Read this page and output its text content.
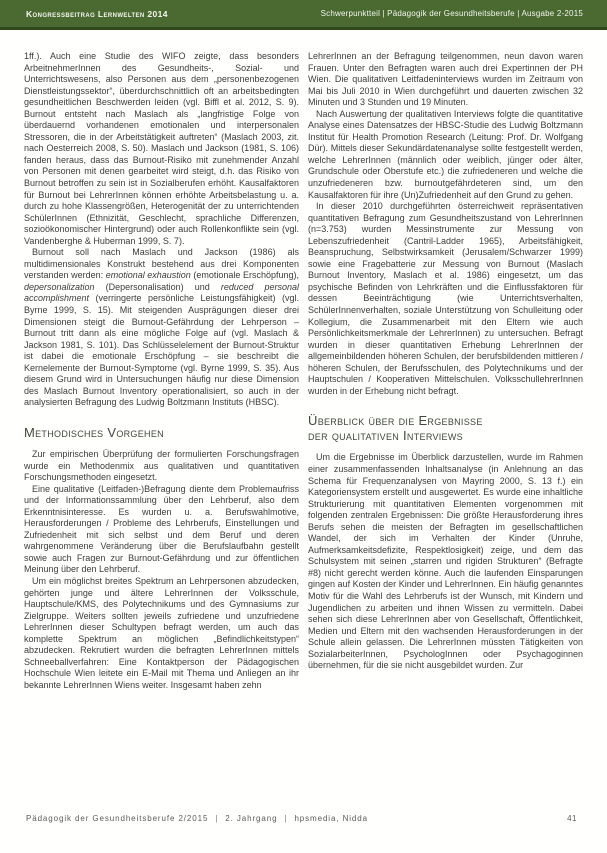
Kongressbeitrag Lernwelten 2014	Schwerpunktteil | Pädagogik der Gesundheitsberufe | Ausgabe 2-2015

1ff.). Auch eine Studie des WIFO zeigte, dass besonders ArbeitnehmerInnen des Gesundheits-, Sozial- und Unterrichtswesens, also Personen aus dem „personenbezogenen Dienstleistungssektor“, überdurchschnittlich oft an arbeitsbedingten gesundheitlichen Beschwerden leiden (vgl. Biffl et al. 2012, S. 9). Burnout entsteht nach Maslach als „langfristige Folge von überdauernd vorhandenen emotionalen und interpersonalen Stressoren, die in der Arbeitstätigkeit auftreten“ (Maslach 2003, zit. nach Oesterreich 2008, S. 50). Maslach und Jackson (1981, S. 106) fanden heraus, dass das Burnout-Risiko mit zunehmender Anzahl von Personen mit denen gearbeitet wird steigt, d.h. das Risiko von Burnout betroffen zu sein ist in Sozialberufen erhöht. Kausalfaktoren für Burnout bei LehrerInnen können erhöhte Arbeitsbelastung u. a. durch zu hohe Klassengrößen, Heterogenität der zu unterrichtenden SchülerInnen (Ethnizität, Geschlecht, sprachliche Differenzen, sozioökonomischer Hintergrund) oder auch Rollenkonflikte sein (vgl. Vandenberghe & Huberman 1999, S. 7).

Burnout soll nach Maslach und Jackson (1986) als multidimensionales Konstrukt bestehend aus drei Komponenten verstanden werden: emotional exhaustion (emotionale Erschöpfung), depersonalization (Depersonalisation) und reduced personal accomplishment (verringerte persönliche Leistungsfähigkeit) (vgl. Byrne 1999, S. 15). Mit steigenden Ausprägungen dieser drei Dimensionen steigt die Burnout-Gefährdung der Lehrperson – Burnout tritt dann als eine mögliche Folge auf (vgl. Maslach & Jackson 1981, S. 101). Das Schlüsselelement der Burnout-Struktur ist dabei die emotionale Erschöpfung – sie beschreibt die Kernelemente der Burnout-Symptome (vgl. Byrne 1999, S. 35). Aus diesem Grund wird in Untersuchungen häufig nur diese Dimension des Maslach Burnout Inventory operationalisiert, so auch in der analysierten Befragung des Ludwig Boltzmann Instituts (HBSC).

Methodisches Vorgehen

Zur empirischen Überprüfung der formulierten Forschungsfragen wurde ein Methodenmix aus qualitativen und quantitativen Forschungsmethoden eingesetzt.

Eine qualitative (Leitfaden-)Befragung diente dem Problemaufriss und der Informationssammlung über den Lehrberuf, also dem Erkenntnisinteresse. Es wurden u. a. Berufswahlmotive, Herausforderungen / Probleme des Lehrberufs, Einstellungen und Zufriedenheit mit sich selbst und dem Beruf und deren wahrgenommene Veränderung über die Berufslaufbahn gestellt sowie auch Fragen zur Burnout-Gefährdung und zur öffentlichen Meinung über den Lehrberuf.

Um ein möglichst breites Spektrum an Lehrpersonen abzudecken, gehörten junge und ältere LehrerInnen der Volksschule, Hauptschule/KMS, des Polytechnikums und des Gymnasiums zur Zielgruppe. Weiters sollten jeweils zufriedene und unzufriedene LehrerInnen dieser Schultypen befragt werden, um auch das komplette Spektrum an möglichen „Befindlichkeitstypen“ abzudecken. Rekrutiert wurden die befragten LehrerInnen mittels Schneeballverfahren: Eine Kontaktperson der Pädagogischen Hochschule Wien leitete ein E-Mail mit Thema und Anliegen an ihr bekannte LehrerInnen Wiens weiter. Insgesamt haben zehn

LehrerInnen an der Befragung teilgenommen, neun davon waren Frauen. Unter den Befragten waren auch drei Expertinnen der PH Wien. Die qualitativen Leitfadeninterviews wurden im Zeitraum von Mai bis Juli 2010 in Wien durchgeführt und dauerten zwischen 32 Minuten und 3 Stunden und 19 Minuten.

Nach Auswertung der qualitativen Interviews folgte die quantitative Analyse eines Datensatzes der HBSC-Studie des Ludwig Boltzmann Institut für Health Promotion Research (Leitung: Prof. Dr. Wolfgang Dür). Mittels dieser Sekundärdatenanalyse sollte festgestellt werden, welche LehrerInnen (männlich oder weiblich, jünger oder älter, Grundschule oder Oberstufe etc.) die zufriedeneren und welche die unzufriedeneren bzw. burnoutgefährdeteren sind, um den Kausalfaktoren für ihre (Un)Zufriedenheit auf den Grund zu gehen.

In dieser 2010 durchgeführten österreichweit repräsentativen quantitativen Befragung zum Gesundheitszustand von LehrerInnen (n=3.753) wurden Messinstrumente zur Messung von Lebenszufriedenheit (Cantril-Ladder 1965), Arbeitsfähigkeit, Beanspruchung, Selbstwirksamkeit (Jerusalem/Schwarzer 1999) sowie eine Fragebatterie zur Messung von Burnout (Maslach Burnout Inventory, Maslach et al. 1986) eingesetzt, um das psychische Befinden von Lehrkräften und die Einflussfaktoren für dessen Beeinträchtigung (wie Unterrichtsverhalten, SchülerInnenverhalten, soziale Unterstützung von Schulleitung oder Kollegium, die Zusammenarbeit mit den Eltern wie auch Persönlichkeitsmerkmale der LehrerInnen) zu untersuchen. Befragt wurden in dieser quantitativen Erhebung LehrerInnen der allgemeinbildenden höheren Schulen, der berufsbildenden mittleren / höheren Schulen, der Berufsschulen, des Polytechnikums und der Hauptschulen / Kooperativen Mittelschulen. VolksschullehrerInnen wurden in der Erhebung nicht befragt.

Überblick über die Ergebnisse
der qualitativen Interviews

Um die Ergebnisse im Überblick darzustellen, wurde im Rahmen einer zusammenfassenden Inhaltsanalyse (in Anlehnung an das Schema für Frequenzanalysen von Mayring 2000, S. 13 f.) ein Kategoriensystem erstellt und ausgewertet. Es wurde eine inhaltliche Strukturierung mit quantitativen Elementen vorgenommen mit folgenden zentralen Ergebnissen: Die größte Herausforderung ihres Berufs sehen die meisten der Befragten im gesellschaftlichen Wandel, der sich im Verhalten der Kinder (Unruhe, Aufmerksamkeitsdefizite, Respektlosigkeit) zeige, und dem das Schulsystem mit seinen „starren und rigiden Strukturen“ (Befragte #8) nicht gerecht werden könne. Auch die laufenden Einsparungen gingen auf Kosten der Kinder und LehrerInnen. Ein häufig genanntes Motiv für die Wahl des Lehrberufs ist der Wunsch, mit Kindern und Jugendlichen zu arbeiten und ihnen Wissen zu vermitteln. Dabei sehen sich diese LehrerInnen aber von Gesellschaft, Öffentlichkeit, Medien und Eltern mit den wachsenden Herausforderungen in der Schule allein gelassen. Die LehrerInnen müssten Tätigkeiten von SozialarbeiterInnen, PsychologInnen oder Psychagoginnen übernehmen, für die sie nicht ausgebildet wurden. Zur

Pädagogik der Gesundheitsberufe 2/2015 | 2. Jahrgang | hpsmedia, Nidda	41
